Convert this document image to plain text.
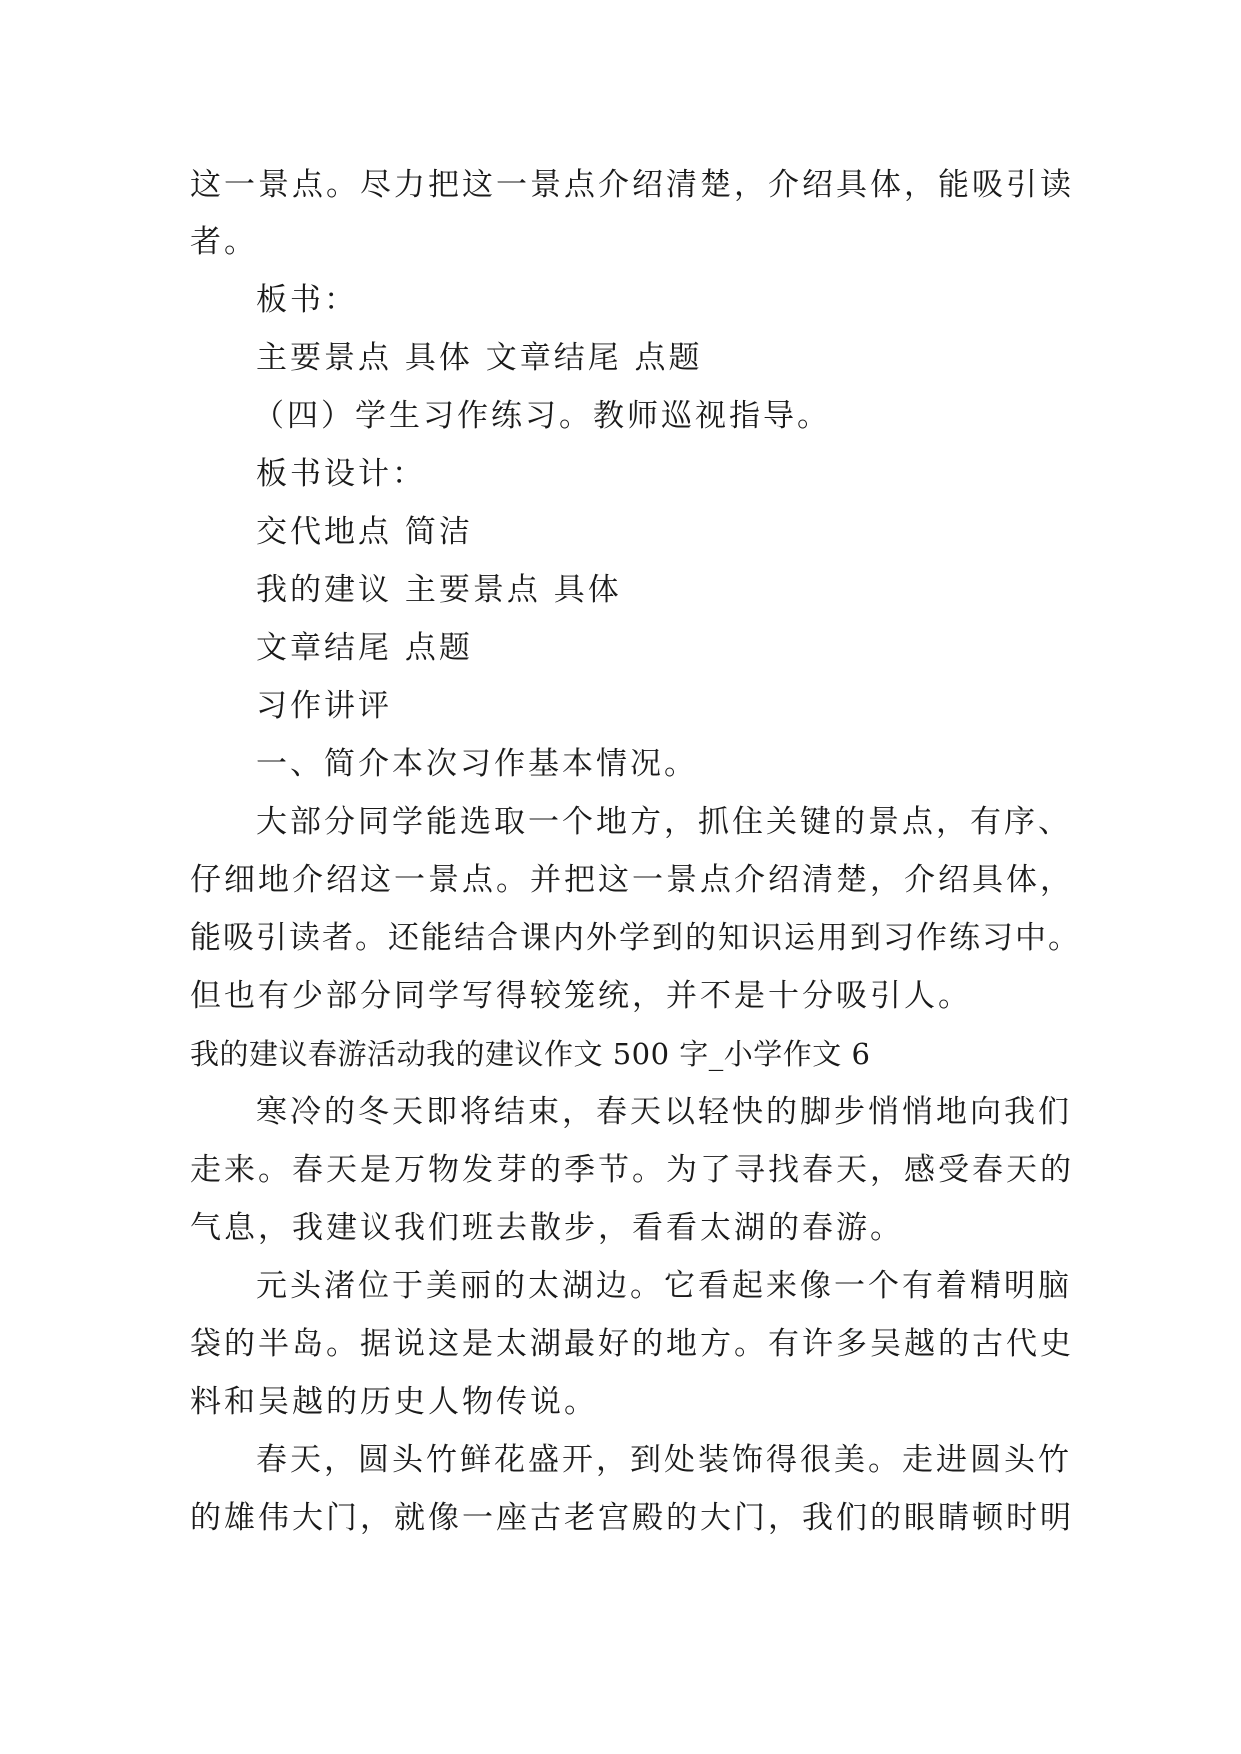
这一景点。尽力把这一景点介绍清楚，介绍具体，能吸引读
者。
板书：
主要景点 具体 文章结尾 点题
（四）学生习作练习。教师巡视指导。
板书设计：
交代地点 简洁
我的建议 主要景点 具体
文章结尾 点题
习作讲评
一、简介本次习作基本情况。
大部分同学能选取一个地方，抓住关键的景点，有序、
仔细地介绍这一景点。并把这一景点介绍清楚，介绍具体，
能吸引读者。还能结合课内外学到的知识运用到习作练习中。
但也有少部分同学写得较笼统，并不是十分吸引人。
我的建议春游活动我的建议作文 500 字_小学作文 6
寒冷的冬天即将结束，春天以轻快的脚步悄悄地向我们
走来。春天是万物发芽的季节。为了寻找春天，感受春天的
气息，我建议我们班去散步，看看太湖的春游。
元头渚位于美丽的太湖边。它看起来像一个有着精明脑
袋的半岛。据说这是太湖最好的地方。有许多吴越的古代史
料和吴越的历史人物传说。
春天，圆头竹鲜花盛开，到处装饰得很美。走进圆头竹
的雄伟大门，就像一座古老宫殿的大门，我们的眼睛顿时明
